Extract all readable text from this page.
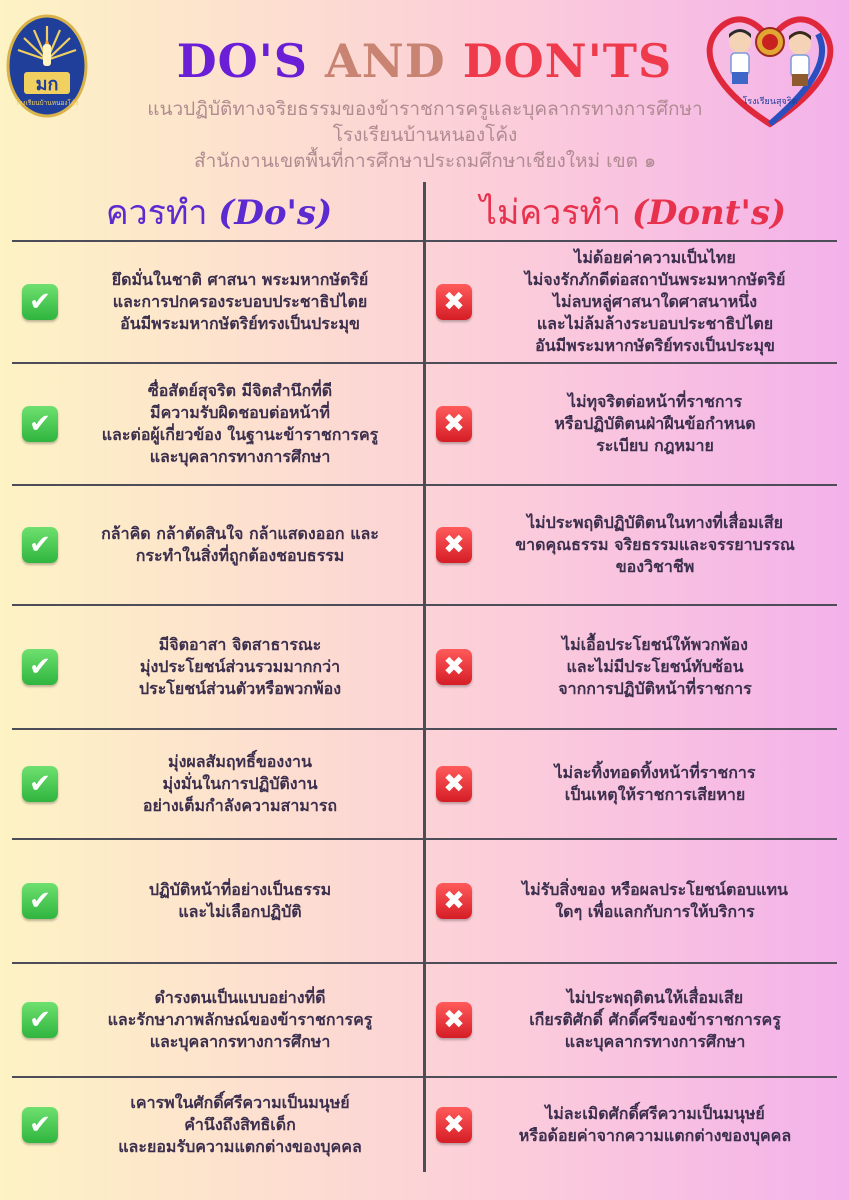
มก
โรงเรียนบ้านหนองโค้ง	โรงเรียนสุจริต
DO'S AND DON'TS
แนวปฏิบัติทางจริยธรรมของข้าราชการครูและบุคลากรทางการศึกษา
โรงเรียนบ้านหนองโค้ง
สำนักงานเขตพื้นที่การศึกษาประถมศึกษาเชียงใหม่ เขต ๑
ควรทำ (Do's)	ไม่ควรทำ (Dont's)
✔
ยึดมั่นในชาติ ศาสนา พระมหากษัตริย์
และการปกครองระบอบประชาธิปไตย
อันมีพระมหากษัตริย์ทรงเป็นประมุข
✖
ไม่ด้อยค่าความเป็นไทย
ไม่จงรักภักดีต่อสถาบันพระมหากษัตริย์
ไม่ลบหลู่ศาสนาใดศาสนาหนึ่ง
และไม่ล้มล้างระบอบประชาธิปไตย
อันมีพระมหากษัตริย์ทรงเป็นประมุข
✔
ซื่อสัตย์สุจริต มีจิตสำนึกที่ดี
มีความรับผิดชอบต่อหน้าที่
และต่อผู้เกี่ยวข้อง ในฐานะข้าราชการครู
และบุคลากรทางการศึกษา
✖
ไม่ทุจริตต่อหน้าที่ราชการ
หรือปฏิบัติตนฝ่าฝืนข้อกำหนด
ระเบียบ กฎหมาย
✔	กล้าคิด กล้าตัดสินใจ กล้าแสดงออก และ
กระทำในสิ่งที่ถูกต้องชอบธรรม	✖
ไม่ประพฤติปฏิบัติตนในทางที่เสื่อมเสีย
ขาดคุณธรรม จริยธรรมและจรรยาบรรณ
ของวิชาชีพ
✔
มีจิตอาสา จิตสาธารณะ
มุ่งประโยชน์ส่วนรวมมากกว่า
ประโยชน์ส่วนตัวหรือพวกพ้อง
✖
ไม่เอื้อประโยชน์ให้พวกพ้อง
และไม่มีประโยชน์ทับซ้อน
จากการปฏิบัติหน้าที่ราชการ
✔
มุ่งผลสัมฤทธิ์ของงาน
มุ่งมั่นในการปฏิบัติงาน
อย่างเต็มกำลังความสามารถ
✖	ไม่ละทิ้งทอดทิ้งหน้าที่ราชการ
เป็นเหตุให้ราชการเสียหาย
✔	ปฏิบัติหน้าที่อย่างเป็นธรรม
และไม่เลือกปฏิบัติ	✖	ไม่รับสิ่งของ หรือผลประโยชน์ตอบแทน
ใดๆ เพื่อแลกกับการให้บริการ
✔
ดำรงตนเป็นแบบอย่างที่ดี
และรักษาภาพลักษณ์ของข้าราชการครู
และบุคลากรทางการศึกษา
✖
ไม่ประพฤติตนให้เสื่อมเสีย
เกียรติศักดิ์ ศักดิ์ศรีของข้าราชการครู
และบุคลากรทางการศึกษา
✔
เคารพในศักดิ์ศรีความเป็นมนุษย์
คำนึงถึงสิทธิเด็ก
และยอมรับความแตกต่างของบุคคล
✖	ไม่ละเมิดศักดิ์ศรีความเป็นมนุษย์
หรือด้อยค่าจากความแตกต่างของบุคคล
